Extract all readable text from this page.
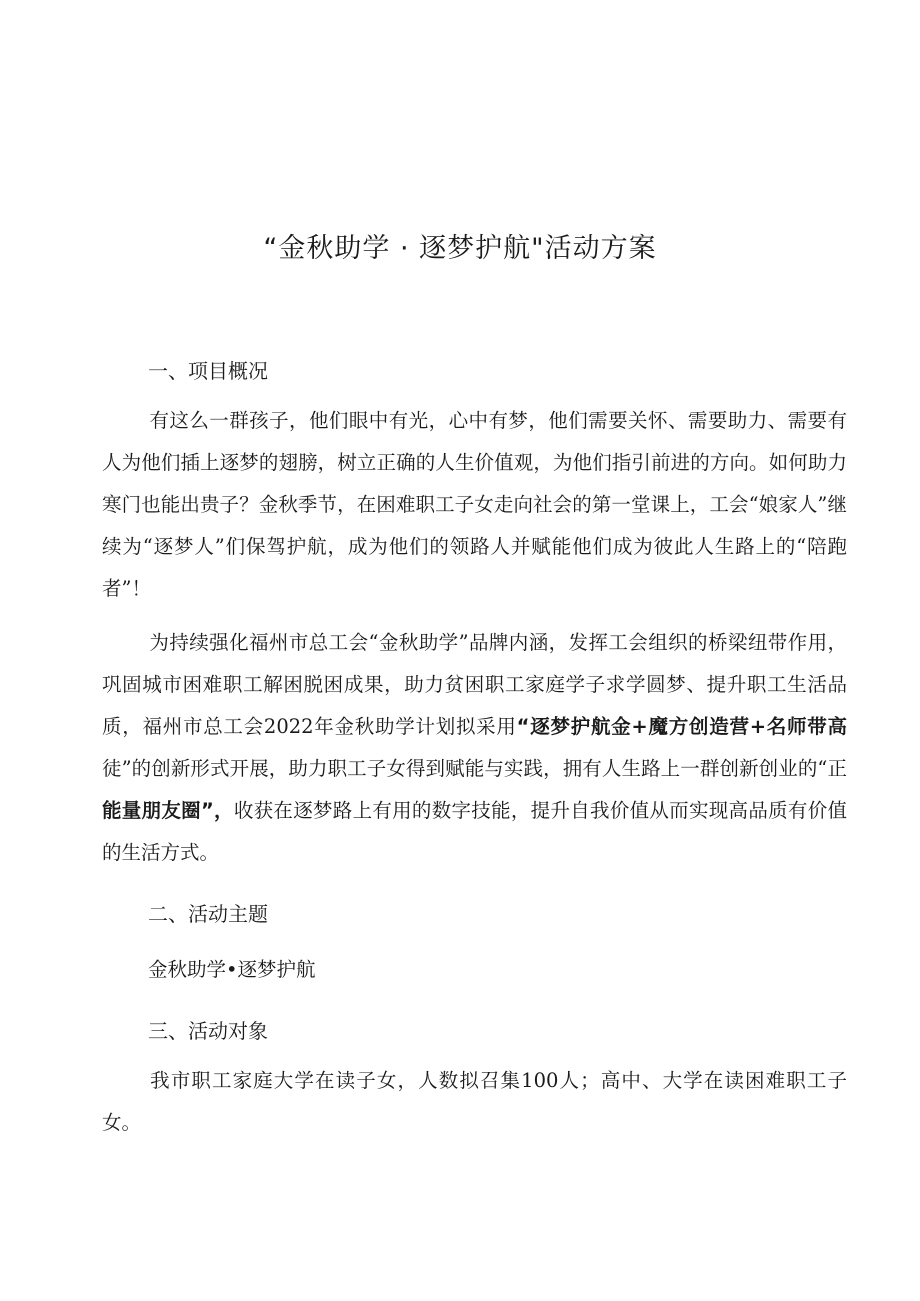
“金秋助学 · 逐梦护航"活动方案
一、项目概况
有这么一群孩子，他们眼中有光，心中有梦，他们需要关怀、需要助力、需要有人为他们插上逐梦的翅膀，树立正确的人生价值观，为他们指引前进的方向。如何助力寒门也能出贵子？金秋季节，在困难职工子女走向社会的第一堂课上，工会“娘家人”继续为“逐梦人”们保驾护航，成为他们的领路人并赋能他们成为彼此人生路上的“陪跑者”！
为持续强化福州市总工会“金秋助学”品牌内涵，发挥工会组织的桥梁纽带作用，巩固城市困难职工解困脱困成果，助力贫困职工家庭学子求学圆梦、提升职工生活品质，福州市总工会2022年金秋助学计划拟采用“逐梦护航金+魔方创造营+名师带高徒”的创新形式开展，助力职工子女得到赋能与实践，拥有人生路上一群创新创业的“正能量朋友圈”，收获在逐梦路上有用的数字技能，提升自我价值从而实现高品质有价值的生活方式。
二、活动主题
金秋助学•逐梦护航
三、活动对象
我市职工家庭大学在读子女，人数拟召集100人；高中、大学在读困难职工子女。
